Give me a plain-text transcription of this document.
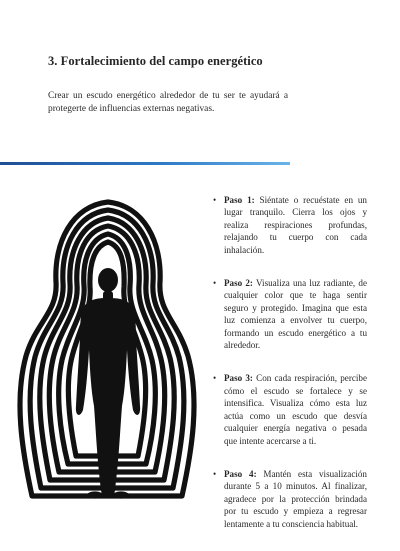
3. Fortalecimiento del campo energético

Crear un escudo energético alrededor de tu ser te ayudará a protegerte de influencias externas negativas.

• Paso 1: Siéntate o recuéstate en un lugar tranquilo. Cierra los ojos y realiza respiraciones profundas, relajando tu cuerpo con cada inhalación.
• Paso 2: Visualiza una luz radiante, de cualquier color que te haga sentir seguro y protegido. Imagina que esta luz comienza a envolver tu cuerpo, formando un escudo energético a tu alrededor.
• Paso 3: Con cada respiración, percibe cómo el escudo se fortalece y se intensifica. Visualiza cómo esta luz actúa como un escudo que desvía cualquier energía negativa o pesada que intente acercarse a ti.
• Paso 4: Mantén esta visualización durante 5 a 10 minutos. Al finalizar, agradece por la protección brindada por tu escudo y empieza a regresar lentamente a tu consciencia habitual.
